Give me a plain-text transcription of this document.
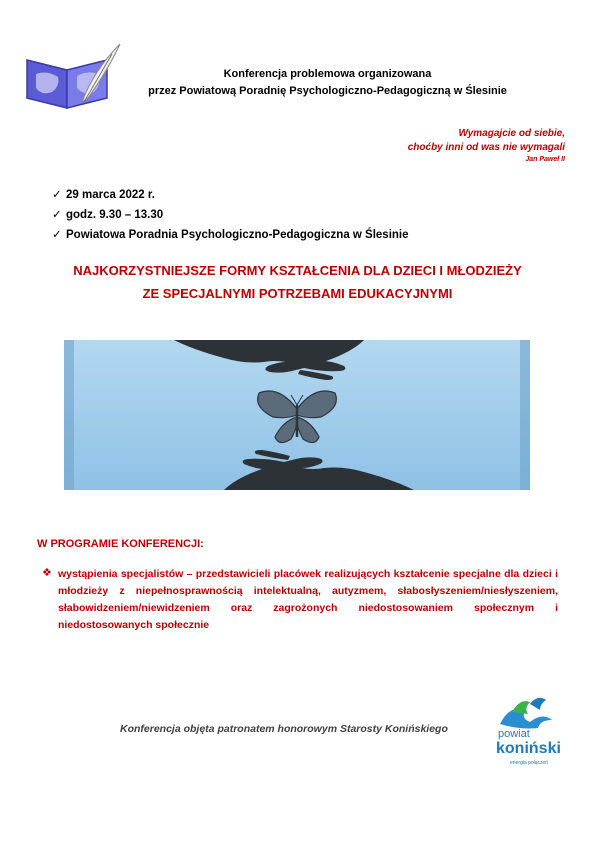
Konferencja problemowa organizowana
przez Powiatową Poradnię Psychologiczno-Pedagogiczną w Ślesinie
Wymagajcie od siebie,
choćby inni od was nie wymagali
Jan Paweł II
✓ 29 marca 2022 r.
✓ godz. 9.30 – 13.30
✓ Powiatowa Poradnia Psychologiczno-Pedagogiczna w Ślesinie
NAJKORZYSTNIEJSZE FORMY KSZTAŁCENIA DLA DZIECI I MŁODZIEŻY
ZE SPECJALNYMI POTRZEBAMI EDUKACYJNYMI
W PROGRAMIE KONFERENCJI:
❖ wystąpienia specjalistów – przedstawicieli placówek realizujących kształcenie specjalne dla dzieci i młodzieży z niepełnosprawnością intelektualną, autyzmem, słabosłyszeniem/niesłyszeniem, słabowidzeniem/niewidzeniem oraz zagrożonych niedostosowaniem społecznym i niedostosowanych społecznie
Konferencja objęta patronatem honorowym Starosty Konińskiego	powiat
koniński
energia połączeń
